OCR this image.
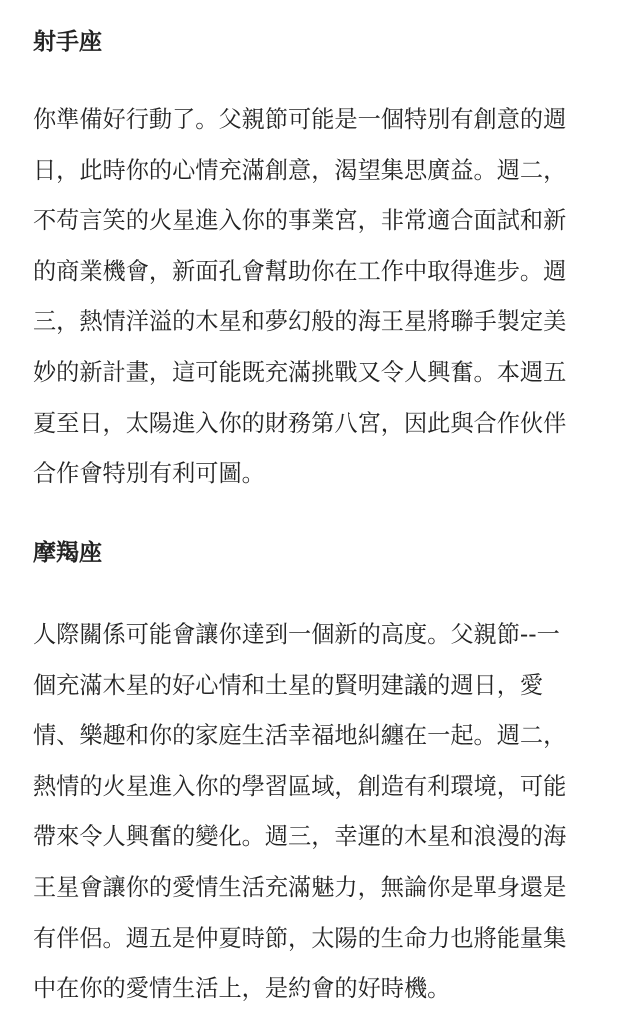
射手座
你準備好行動了。父親節可能是一個特別有創意的週
日，此時你的心情充滿創意，渴望集思廣益。週二，
不苟言笑的火星進入你的事業宮，非常適合面試和新
的商業機會，新面孔會幫助你在工作中取得進步。週
三，熱情洋溢的木星和夢幻般的海王星將聯手製定美
妙的新計畫，這可能既充滿挑戰又令人興奮。本週五
夏至日，太陽進入你的財務第八宮，因此與合作伙伴
合作會特別有利可圖。
摩羯座
人際關係可能會讓你達到一個新的高度。父親節--一
個充滿木星的好心情和土星的賢明建議的週日，愛
情、樂趣和你的家庭生活幸福地糾纏在一起。週二，
熱情的火星進入你的學習區域，創造有利環境，可能
帶來令人興奮的變化。週三，幸運的木星和浪漫的海
王星會讓你的愛情生活充滿魅力，無論你是單身還是
有伴侶。週五是仲夏時節，太陽的生命力也將能量集
中在你的愛情生活上，是約會的好時機。
